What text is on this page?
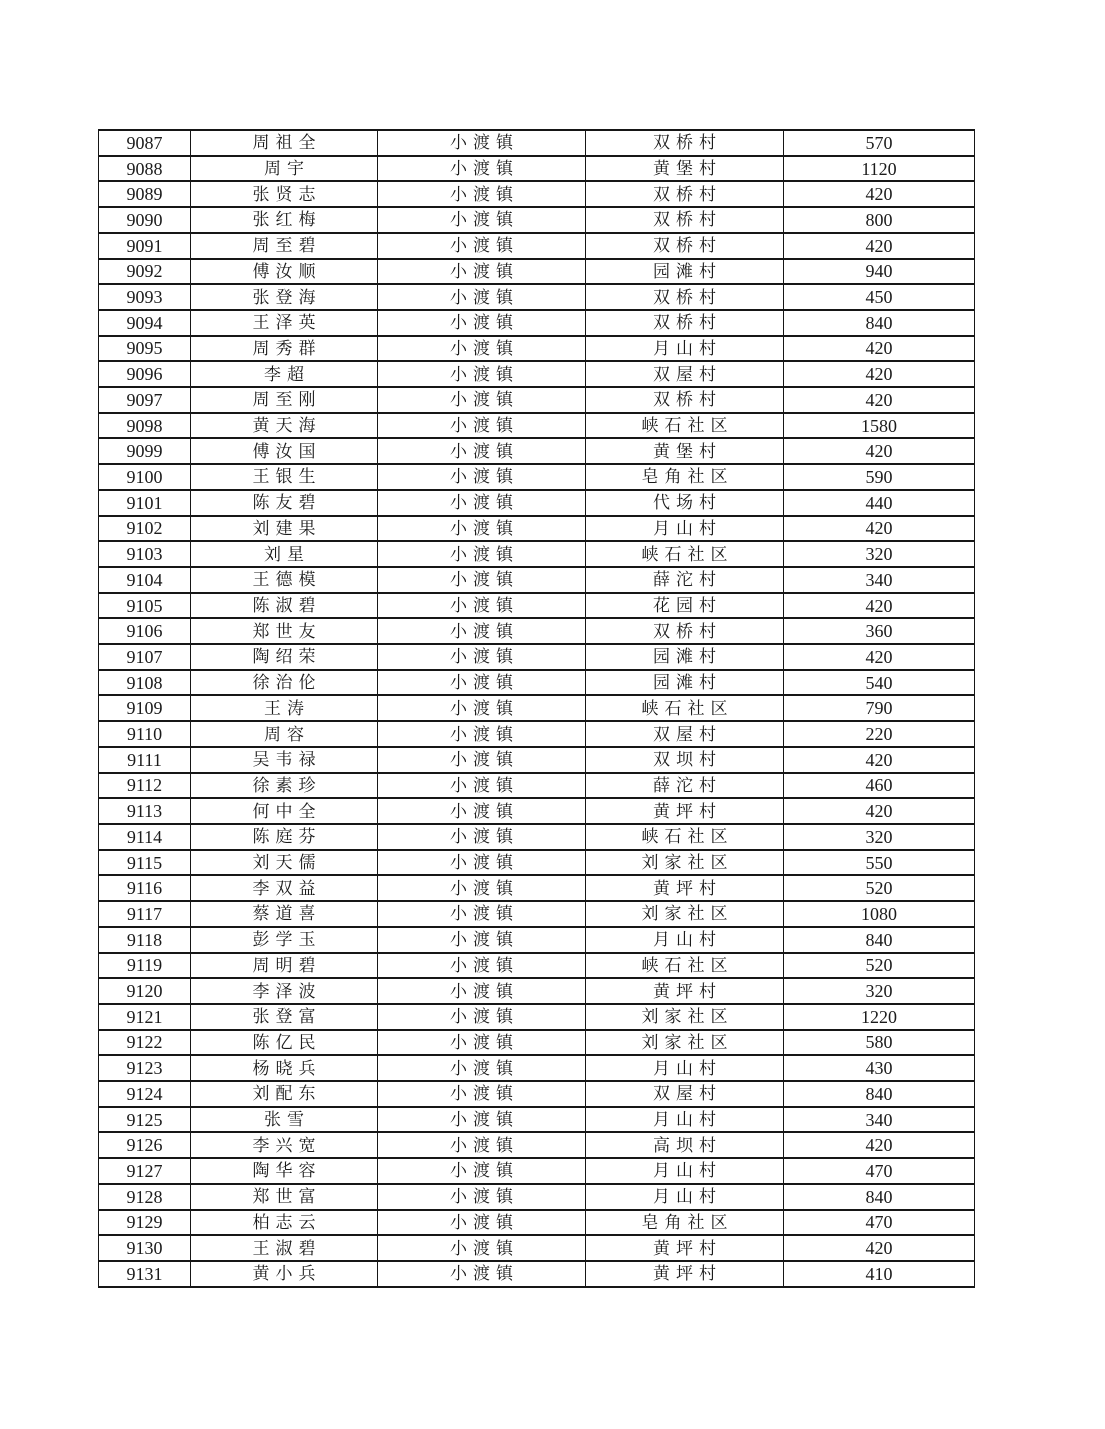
9087	周祖全	小渡镇	双桥村	570
9088	周宇	小渡镇	黄堡村	1120
9089	张贤志	小渡镇	双桥村	420
9090	张红梅	小渡镇	双桥村	800
9091	周至碧	小渡镇	双桥村	420
9092	傅汝顺	小渡镇	园滩村	940
9093	张登海	小渡镇	双桥村	450
9094	王泽英	小渡镇	双桥村	840
9095	周秀群	小渡镇	月山村	420
9096	李超	小渡镇	双屋村	420
9097	周至刚	小渡镇	双桥村	420
9098	黄天海	小渡镇	峡石社区	1580
9099	傅汝国	小渡镇	黄堡村	420
9100	王银生	小渡镇	皂角社区	590
9101	陈友碧	小渡镇	代场村	440
9102	刘建果	小渡镇	月山村	420
9103	刘星	小渡镇	峡石社区	320
9104	王德模	小渡镇	薛沱村	340
9105	陈淑碧	小渡镇	花园村	420
9106	郑世友	小渡镇	双桥村	360
9107	陶绍荣	小渡镇	园滩村	420
9108	徐治伦	小渡镇	园滩村	540
9109	王涛	小渡镇	峡石社区	790
9110	周容	小渡镇	双屋村	220
9111	吴韦禄	小渡镇	双坝村	420
9112	徐素珍	小渡镇	薛沱村	460
9113	何中全	小渡镇	黄坪村	420
9114	陈庭芬	小渡镇	峡石社区	320
9115	刘天儒	小渡镇	刘家社区	550
9116	李双益	小渡镇	黄坪村	520
9117	蔡道喜	小渡镇	刘家社区	1080
9118	彭学玉	小渡镇	月山村	840
9119	周明碧	小渡镇	峡石社区	520
9120	李泽波	小渡镇	黄坪村	320
9121	张登富	小渡镇	刘家社区	1220
9122	陈亿民	小渡镇	刘家社区	580
9123	杨晓兵	小渡镇	月山村	430
9124	刘配东	小渡镇	双屋村	840
9125	张雪	小渡镇	月山村	340
9126	李兴宽	小渡镇	高坝村	420
9127	陶华容	小渡镇	月山村	470
9128	郑世富	小渡镇	月山村	840
9129	柏志云	小渡镇	皂角社区	470
9130	王淑碧	小渡镇	黄坪村	420
9131	黄小兵	小渡镇	黄坪村	410
